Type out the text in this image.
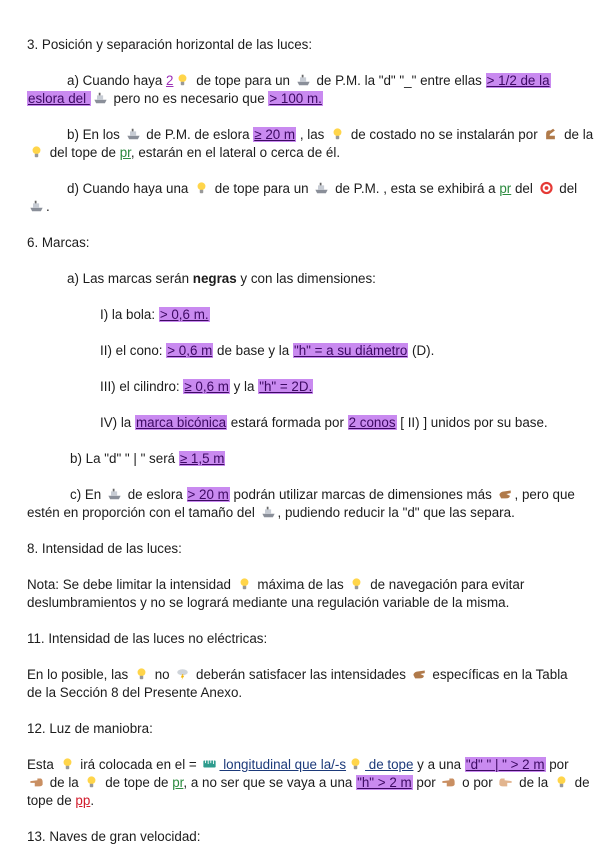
3. Posición y separación horizontal de las luces:
a) Cuando haya 2
de tope para un
de P.M. la "d" "_" entre ellas > 1/2 de la
eslora del
pero no es necesario que > 100 m.
b) En los
de P.M. de eslora ≥ 20 m , las
de costado no se instalarán por
de la
del tope de pr, estarán en el lateral o cerca de él.
d) Cuando haya una
de tope para un
de P.M. , esta se exhibirá a pr del
del
.
6. Marcas:
a) Las marcas serán negras y con las dimensiones:
I) la bola: > 0,6 m.
II) el cono: > 0,6 m de base y la "h" = a su diámetro (D).
III) el cilindro: ≥ 0,6 m y la "h" = 2D.
IV) la marca bicónica estará formada por 2 conos [ II) ] unidos por su base.
b) La "d" " | " será ≥ 1,5 m
c) En
de eslora > 20 m podrán utilizar marcas de dimensiones más
, pero que
estén en proporción con el tamaño del
, pudiendo reducir la "d" que las separa.
8. Intensidad de las luces:
Nota: Se debe limitar la intensidad
máxima de las
de navegación para evitar
deslumbramientos y no se logrará mediante una regulación variable de la misma.
11. Intensidad de las luces no eléctricas:
En lo posible, las
no
deberán satisfacer las intensidades
específicas en la Tabla
de la Sección 8 del Presente Anexo.
12. Luz de maniobra:
Esta
irá colocada en el =
longitudinal que la/-s
de tope y a una "d" " | " > 2 m por
de la
de tope de pr, a no ser que se vaya a una "h" > 2 m por
o por
de la
de
tope de pp.
13. Naves de gran velocidad:
